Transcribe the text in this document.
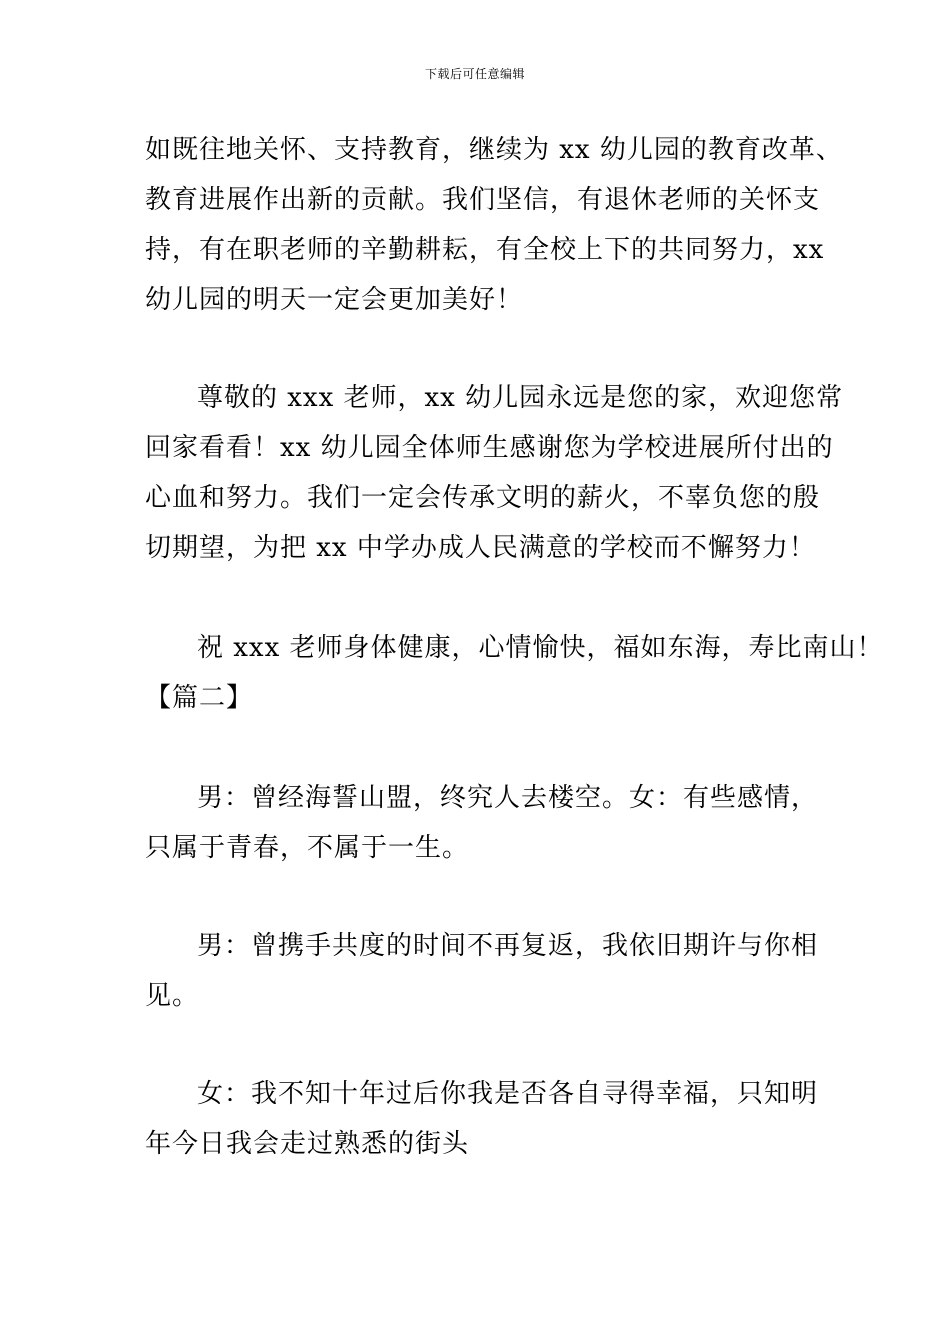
下载后可任意编辑
如既往地关怀、支持教育，继续为 xx 幼儿园的教育改革、
教育进展作出新的贡献。我们坚信，有退休老师的关怀支
持，有在职老师的辛勤耕耘，有全校上下的共同努力，xx
幼儿园的明天一定会更加美好！
尊敬的 xxx 老师，xx 幼儿园永远是您的家，欢迎您常
回家看看！xx 幼儿园全体师生感谢您为学校进展所付出的
心血和努力。我们一定会传承文明的薪火，不辜负您的殷
切期望，为把 xx 中学办成人民满意的学校而不懈努力！
祝 xxx 老师身体健康，心情愉快，福如东海，寿比南山！
【篇二】
男：曾经海誓山盟，终究人去楼空。女：有些感情，
只属于青春，不属于一生。
男：曾携手共度的时间不再复返，我依旧期许与你相
见。
女：我不知十年过后你我是否各自寻得幸福，只知明
年今日我会走过熟悉的街头
